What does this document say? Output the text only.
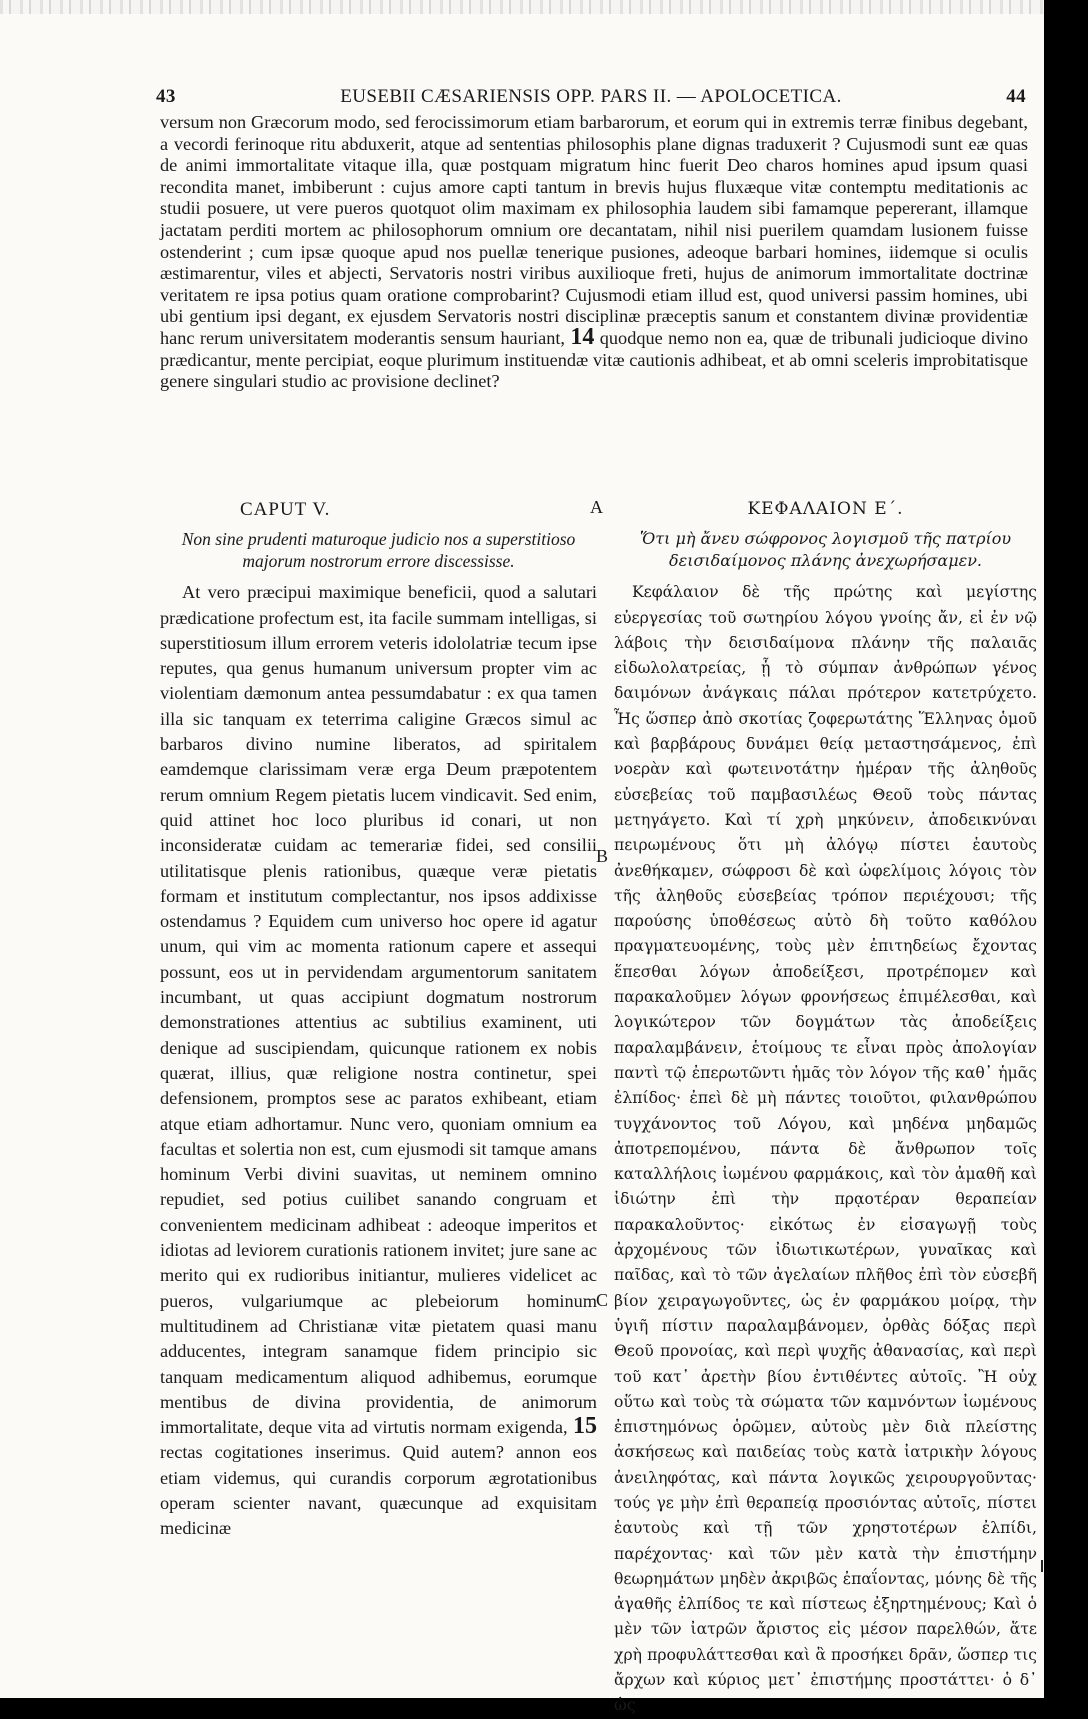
43	EUSEBII CÆSARIENSIS OPP. PARS II. — APOLOCETICA.	44

versum non Græcorum modo, sed ferocissimorum etiam barbarorum, et eorum qui in extremis terræ finibus degebant, a vecordi ferinoque ritu abduxerit, atque ad sententias philosophis plane dignas traduxerit ? Cujusmodi sunt eæ quas de animi immortalitate vitaque illa, quæ postquam migratum hinc fuerit Deo charos homines apud ipsum quasi recondita manet, imbiberunt : cujus amore capti tantum in brevis hujus fluxæque vitæ contemptu meditationis ac studii posuere, ut vere pueros quotquot olim maximam ex philosophia laudem sibi famamque pepererant, illamque jactatam perditi mortem ac philosophorum omnium ore decantatam, nihil nisi puerilem quamdam lusionem fuisse ostenderint ; cum ipsæ quoque apud nos puellæ tenerique pusiones, adeoque barbari homines, iidemque si oculis æstimarentur, viles et abjecti, Servatoris nostri viribus auxilioque freti, hujus de animorum immortalitate doctrinæ veritatem re ipsa potius quam oratione comprobarint? Cujusmodi etiam illud est, quod universi passim homines, ubi ubi gentium ipsi degant, ex ejusdem Servatoris nostri disciplinæ præceptis sanum et constantem divinæ providentiæ hanc rerum universitatem moderantis sensum hauriant, 14 quodque nemo non ea, quæ de tribunali judicioque divino prædicantur, mente percipiat, eoque plurimum instituendæ vitæ cautionis adhibeat, et ab omni sceleris improbitatisque genere singulari studio ac provisione declinet?

A
B
C
CAPUT V.
Non sine prudenti maturoque judicio nos a superstitioso majorum nostrorum errore discessisse.

At vero præcipui maximique beneficii, quod a salutari prædicatione profectum est, ita facile summam intelligas, si superstitiosum illum errorem veteris idololatriæ tecum ipse reputes, qua genus humanum universum propter vim ac violentiam dæmonum antea pessumdabatur : ex qua tamen illa sic tanquam ex teterrima caligine Græcos simul ac barbaros divino numine liberatos, ad spiritalem eamdemque clarissimam veræ erga Deum præpotentem rerum omnium Regem pietatis lucem vindicavit. Sed enim, quid attinet hoc loco pluribus id conari, ut non inconsideratæ cuidam ac temerariæ fidei, sed consilii utilitatisque plenis rationibus, quæque veræ pietatis formam et institutum complectantur, nos ipsos addixisse ostendamus ? Equidem cum universo hoc opere id agatur unum, qui vim ac momenta rationum capere et assequi possunt, eos ut in pervidendam argumentorum sanitatem incumbant, ut quas accipiunt dogmatum nostrorum demonstrationes attentius ac subtilius examinent, uti denique ad suscipiendam, quicunque rationem ex nobis quærat, illius, quæ religione nostra continetur, spei defensionem, promptos sese ac paratos exhibeant, etiam atque etiam adhortamur. Nunc vero, quoniam omnium ea facultas et solertia non est, cum ejusmodi sit tamque amans hominum Verbi divini suavitas, ut neminem omnino repudiet, sed potius cuilibet sanando congruam et convenientem medicinam adhibeat : adeoque imperitos et idiotas ad leviorem curationis rationem invitet; jure sane ac merito qui ex rudioribus initiantur, mulieres videlicet ac pueros, vulgariumque ac plebeiorum hominum multitudinem ad Christianæ vitæ pietatem quasi manu adducentes, integram sanamque fidem principio sic tanquam medicamentum aliquod adhibemus, eorumque mentibus de divina providentia, de animorum immortalitate, deque vita ad virtutis normam exigenda, 15 rectas cogitationes inserimus. Quid autem? annon eos etiam videmus, qui curandis corporum ægrotationibus operam scienter navant, quæcunque ad exquisitam medicinæ

ΚΕΦΑΛΑΙΟΝ Ε΄.
Ὅτι μὴ ἄνευ σώφρονος λογισμοῦ τῆς πατρίου δεισιδαίμονος πλάνης ἀνεχωρήσαμεν.

Κεφάλαιον δὲ τῆς πρώτης καὶ μεγίστης εὐεργεσίας τοῦ σωτηρίου λόγου γνοίης ἄν, εἰ ἐν νῷ λάβοις τὴν δεισιδαίμονα πλάνην τῆς παλαιᾶς εἰδωλολατρείας, ᾗ τὸ σύμπαν ἀνθρώπων γένος δαιμόνων ἀνάγκαις πάλαι πρότερον κατετρύχετο. Ἧς ὥσπερ ἀπὸ σκοτίας ζοφερωτάτης Ἕλληνας ὁμοῦ καὶ βαρβάρους δυνάμει θείᾳ μεταστησάμενος, ἐπὶ νοερὰν καὶ φωτεινοτάτην ἡμέραν τῆς ἀληθοῦς εὐσεβείας τοῦ παμβασιλέως Θεοῦ τοὺς πάντας μετηγάγετο. Καὶ τί χρὴ μηκύνειν, ἀποδεικνύναι πειρωμένους ὅτι μὴ ἀλόγῳ πίστει ἑαυτοὺς ἀνεθήκαμεν, σώφροσι δὲ καὶ ὠφελίμοις λόγοις τὸν τῆς ἀληθοῦς εὐσεβείας τρόπον περιέχουσι; τῆς παρούσης ὑποθέσεως αὐτὸ δὴ τοῦτο καθόλου πραγματευομένης, τοὺς μὲν ἐπιτηδείως ἔχοντας ἕπεσθαι λόγων ἀποδείξεσι, προτρέπομεν καὶ παρακαλοῦμεν λόγων φρονήσεως ἐπιμέλεσθαι, καὶ λογικώτερον τῶν δογμάτων τὰς ἀποδείξεις παραλαμβάνειν, ἑτοίμους τε εἶναι πρὸς ἀπολογίαν παντὶ τῷ ἐπερωτῶντι ἡμᾶς τὸν λόγον τῆς καθ᾽ ἡμᾶς ἐλπίδος· ἐπεὶ δὲ μὴ πάντες τοιοῦτοι, φιλανθρώπου τυγχάνοντος τοῦ Λόγου, καὶ μηδένα μηδαμῶς ἀποτρεπομένου, πάντα δὲ ἄνθρωπον τοῖς καταλλήλοις ἰωμένου φαρμάκοις, καὶ τὸν ἀμαθῆ καὶ ἰδιώτην ἐπὶ τὴν πρᾳοτέραν θεραπείαν παρακαλοῦντος· εἰκότως ἐν εἰσαγωγῇ τοὺς ἀρχομένους τῶν ἰδιωτικωτέρων, γυναῖκας καὶ παῖδας, καὶ τὸ τῶν ἀγελαίων πλῆθος ἐπὶ τὸν εὐσεβῆ βίον χειραγωγοῦντες, ὡς ἐν φαρμάκου μοίρᾳ, τὴν ὑγιῆ πίστιν παραλαμβάνομεν, ὀρθὰς δόξας περὶ Θεοῦ προνοίας, καὶ περὶ ψυχῆς ἀθανασίας, καὶ περὶ τοῦ κατ᾽ ἀρετὴν βίου ἐντιθέντες αὐτοῖς. Ἢ οὐχ οὕτω καὶ τοὺς τὰ σώματα τῶν καμνόντων ἰωμένους ἐπιστημόνως ὁρῶμεν, αὐτοὺς μὲν διὰ πλείστης ἀσκήσεως καὶ παιδείας τοὺς κατὰ ἰατρικὴν λόγους ἀνειληφότας, καὶ πάντα λογικῶς χειρουργοῦντας· τούς γε μὴν ἐπὶ θεραπείᾳ προσιόντας αὐτοῖς, πίστει ἑαυτοὺς καὶ τῇ τῶν χρηστοτέρων ἐλπίδι, παρέχοντας· καὶ τῶν μὲν κατὰ τὴν ἐπιστήμην θεωρημάτων μηδὲν ἀκριβῶς ἐπαΐοντας, μόνης δὲ τῆς ἀγαθῆς ἐλπίδος τε καὶ πίστεως ἐξηρτημένους; Καὶ ὁ μὲν τῶν ἰατρῶν ἄριστος εἰς μέσον παρελθών, ἅτε χρὴ προφυλάττεσθαι καὶ ἃ προσήκει δρᾶν, ὥσπερ τις ἄρχων καὶ κύριος μετ᾽ ἐπιστήμης προστάττει· ὁ δ᾽ ὡς
